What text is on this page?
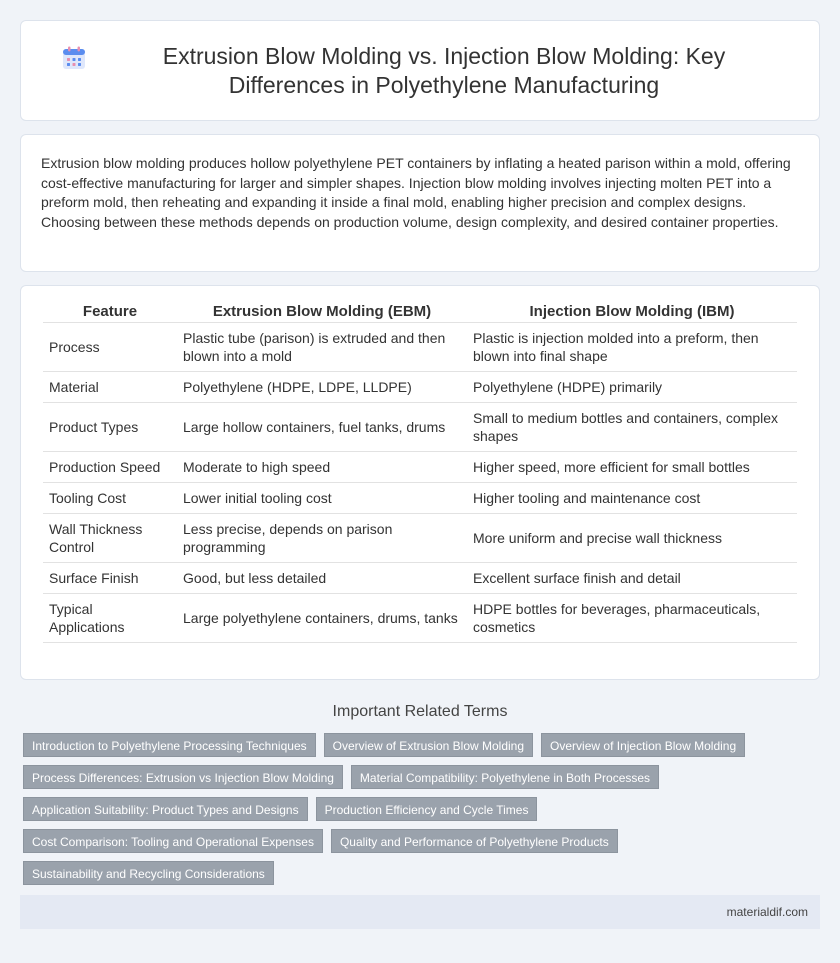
Extrusion Blow Molding vs. Injection Blow Molding: Key Differences in Polyethylene Manufacturing

Extrusion blow molding produces hollow polyethylene PET containers by inflating a heated parison within a mold, offering cost-effective manufacturing for larger and simpler shapes. Injection blow molding involves injecting molten PET into a preform mold, then reheating and expanding it inside a final mold, enabling higher precision and complex designs. Choosing between these methods depends on production volume, design complexity, and desired container properties.

Feature	Extrusion Blow Molding (EBM)	Injection Blow Molding (IBM)
Process	Plastic tube (parison) is extruded and then blown into a mold	Plastic is injection molded into a preform, then blown into final shape
Material	Polyethylene (HDPE, LDPE, LLDPE)	Polyethylene (HDPE) primarily
Product Types	Large hollow containers, fuel tanks, drums	Small to medium bottles and containers, complex shapes
Production Speed	Moderate to high speed	Higher speed, more efficient for small bottles
Tooling Cost	Lower initial tooling cost	Higher tooling and maintenance cost
Wall Thickness Control	Less precise, depends on parison programming	More uniform and precise wall thickness
Surface Finish	Good, but less detailed	Excellent surface finish and detail
Typical Applications	Large polyethylene containers, drums, tanks	HDPE bottles for beverages, pharmaceuticals, cosmetics
Important Related Terms
Introduction to Polyethylene Processing Techniques	Overview of Extrusion Blow Molding	Overview of Injection Blow Molding
Process Differences: Extrusion vs Injection Blow Molding	Material Compatibility: Polyethylene in Both Processes
Application Suitability: Product Types and Designs	Production Efficiency and Cycle Times
Cost Comparison: Tooling and Operational Expenses	Quality and Performance of Polyethylene Products
Sustainability and Recycling Considerations
materialdif.com
